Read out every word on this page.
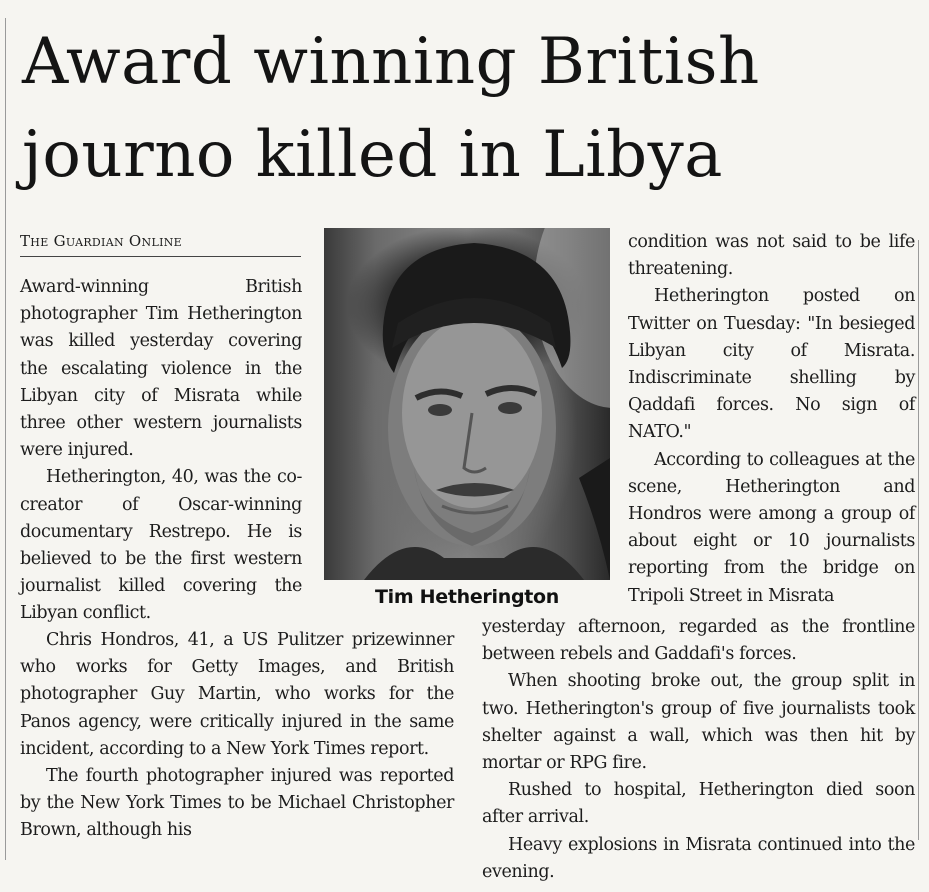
Award winning British
journo killed in Libya
The Guardian Online

Award-winning British photographer Tim Hetherington was killed yesterday covering the escalating violence in the Libyan city of Misrata while three other western journalists were injured.

Hetherington, 40, was the co-creator of Oscar-winning documentary Restrepo. He is believed to be the first western journalist killed covering the Libyan conflict.

Tim Hetherington

Chris Hondros, 41, a US Pulitzer prizewinner who works for Getty Images, and British photographer Guy Martin, who works for the Panos agency, were critically injured in the same incident, according to a New York Times report.

The fourth photographer injured was reported by the New York Times to be Michael Christopher Brown, although his

condition was not said to be life threatening.

Hetherington posted on Twitter on Tuesday: "In besieged Libyan city of Misrata. Indiscriminate shelling by Qaddafi forces. No sign of NATO."

According to colleagues at the scene, Hetherington and Hondros were among a group of about eight or 10 journalists reporting from the bridge on Tripoli Street in Misrata

yesterday afternoon, regarded as the frontline between rebels and Gaddafi's forces.

When shooting broke out, the group split in two. Hetherington's group of five journalists took shelter against a wall, which was then hit by mortar or RPG fire.

Rushed to hospital, Hetherington died soon after arrival.

Heavy explosions in Misrata continued into the evening.
